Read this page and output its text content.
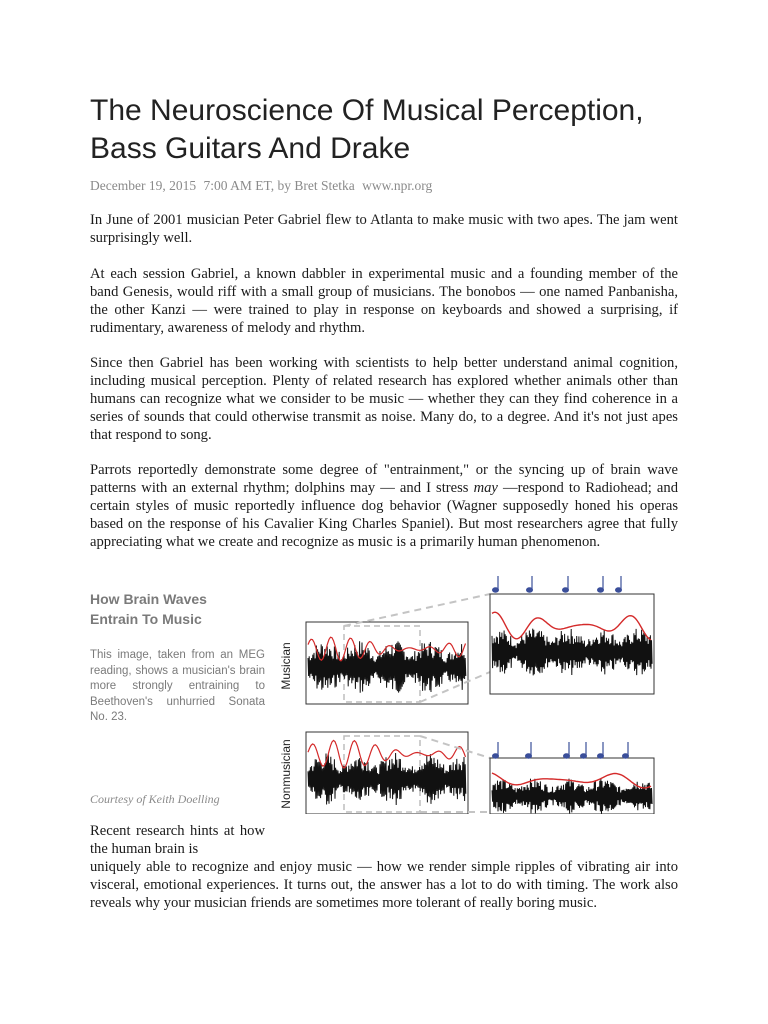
The Neuroscience Of Musical Perception, Bass Guitars And Drake

December 19, 2015 7:00 AM ET, by Bret Stetka www.npr.org

In June of 2001 musician Peter Gabriel flew to Atlanta to make music with two apes. The jam went surprisingly well.

At each session Gabriel, a known dabbler in experimental music and a founding member of the band Genesis, would riff with a small group of musicians. The bonobos — one named Panbanisha, the other Kanzi — were trained to play in response on keyboards and showed a surprising, if rudimentary, awareness of melody and rhythm.

Since then Gabriel has been working with scientists to help better understand animal cognition, including musical perception. Plenty of related research has explored whether animals other than humans can recognize what we consider to be music — whether they can they find coherence in a series of sounds that could otherwise transmit as noise. Many do, to a degree. And it's not just apes that respond to song.

Parrots reportedly demonstrate some degree of "entrainment," or the syncing up of brain wave patterns with an external rhythm; dolphins may — and I stress may —respond to Radiohead; and certain styles of music reportedly influence dog behavior (Wagner supposedly honed his operas based on the response of his Cavalier King Charles Spaniel). But most researchers agree that fully appreciating what we create and recognize as music is a primarily human phenomenon.

How Brain Waves Entrain To Music

This image, taken from an MEG reading, shows a musician's brain more strongly entraining to Beethoven's unhurried Sonata No. 23.

Courtesy of Keith Doelling

Musician
Nonmusician

Recent research hints at how the human brain is

uniquely able to recognize and enjoy music — how we render simple ripples of vibrating air into visceral, emotional experiences. It turns out, the answer has a lot to do with timing. The work also reveals why your musician friends are sometimes more tolerant of really boring music.
